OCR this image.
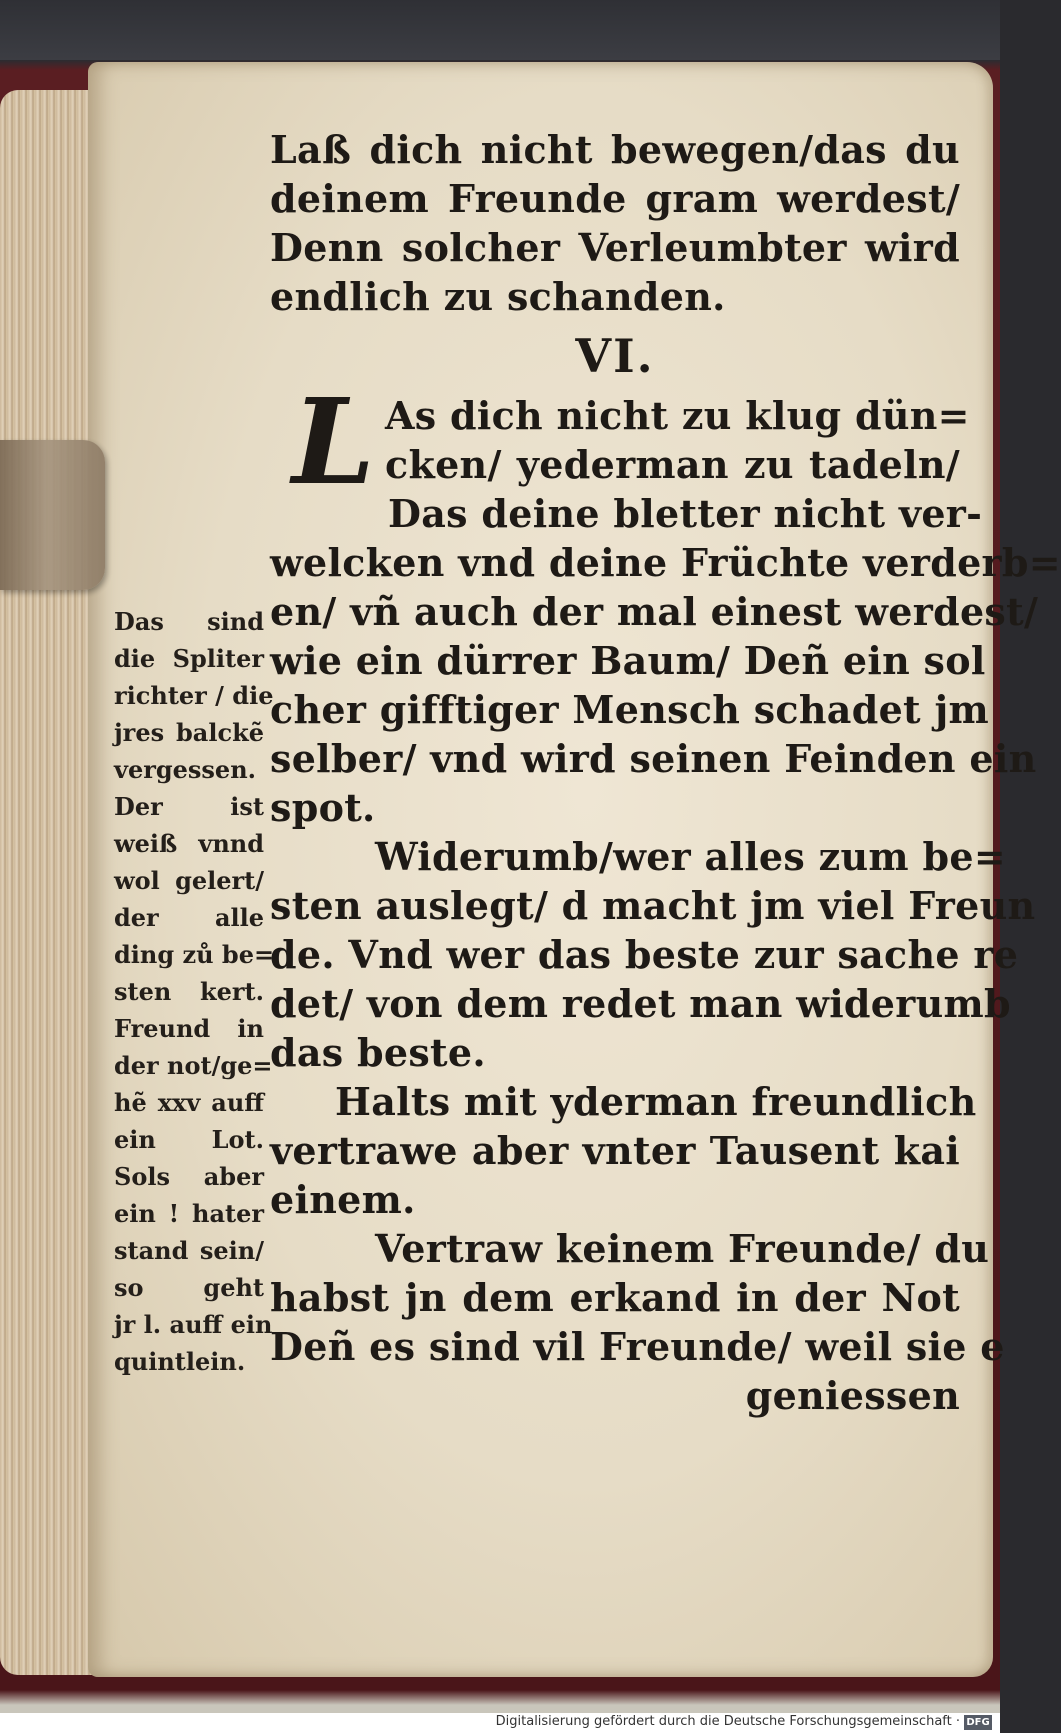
Laß dich nicht bewegen/das du
deinem Freunde gram werdest/
Denn solcher Verleumbter wird
endlich zu schanden.
VI.
L As dich nicht zu klug dün=
cken/ yederman zu tadeln/
Das deine bletter nicht ver-
welcken vnd deine Früchte verderb=
en/ vñ auch der mal einest werdest/
wie ein dürrer Baum/ Deñ ein sol
cher gifftiger Mensch schadet jm
selber/ vnd wird seinen Feinden ein
spot.
Widerumb/wer alles zum be=
sten auslegt/ d macht jm viel Freun
de. Vnd wer das beste zur sache re
det/ von dem redet man widerumb
das beste.
Halts mit yderman freundlich
vertrawe aber vnter Tausent kai
einem.
Vertraw keinem Freunde/ du
habst jn dem erkand in der Not
Deñ es sind vil Freunde/ weil sie e
geniessen
Das sind
die Spliter
richter / die
jres balckẽ
vergessen.
Der ist
weiß vnnd
wol gelert/
der alle
ding zů be=
sten kert.
Freund in
der not/ge=
hẽ xxv auff
ein Lot.
Sols aber
ein ! hater
stand sein/
so geht
jr l. auff ein
quintlein.
Digitalisierung gefördert durch die Deutsche Forschungsgemeinschaft · DFG
